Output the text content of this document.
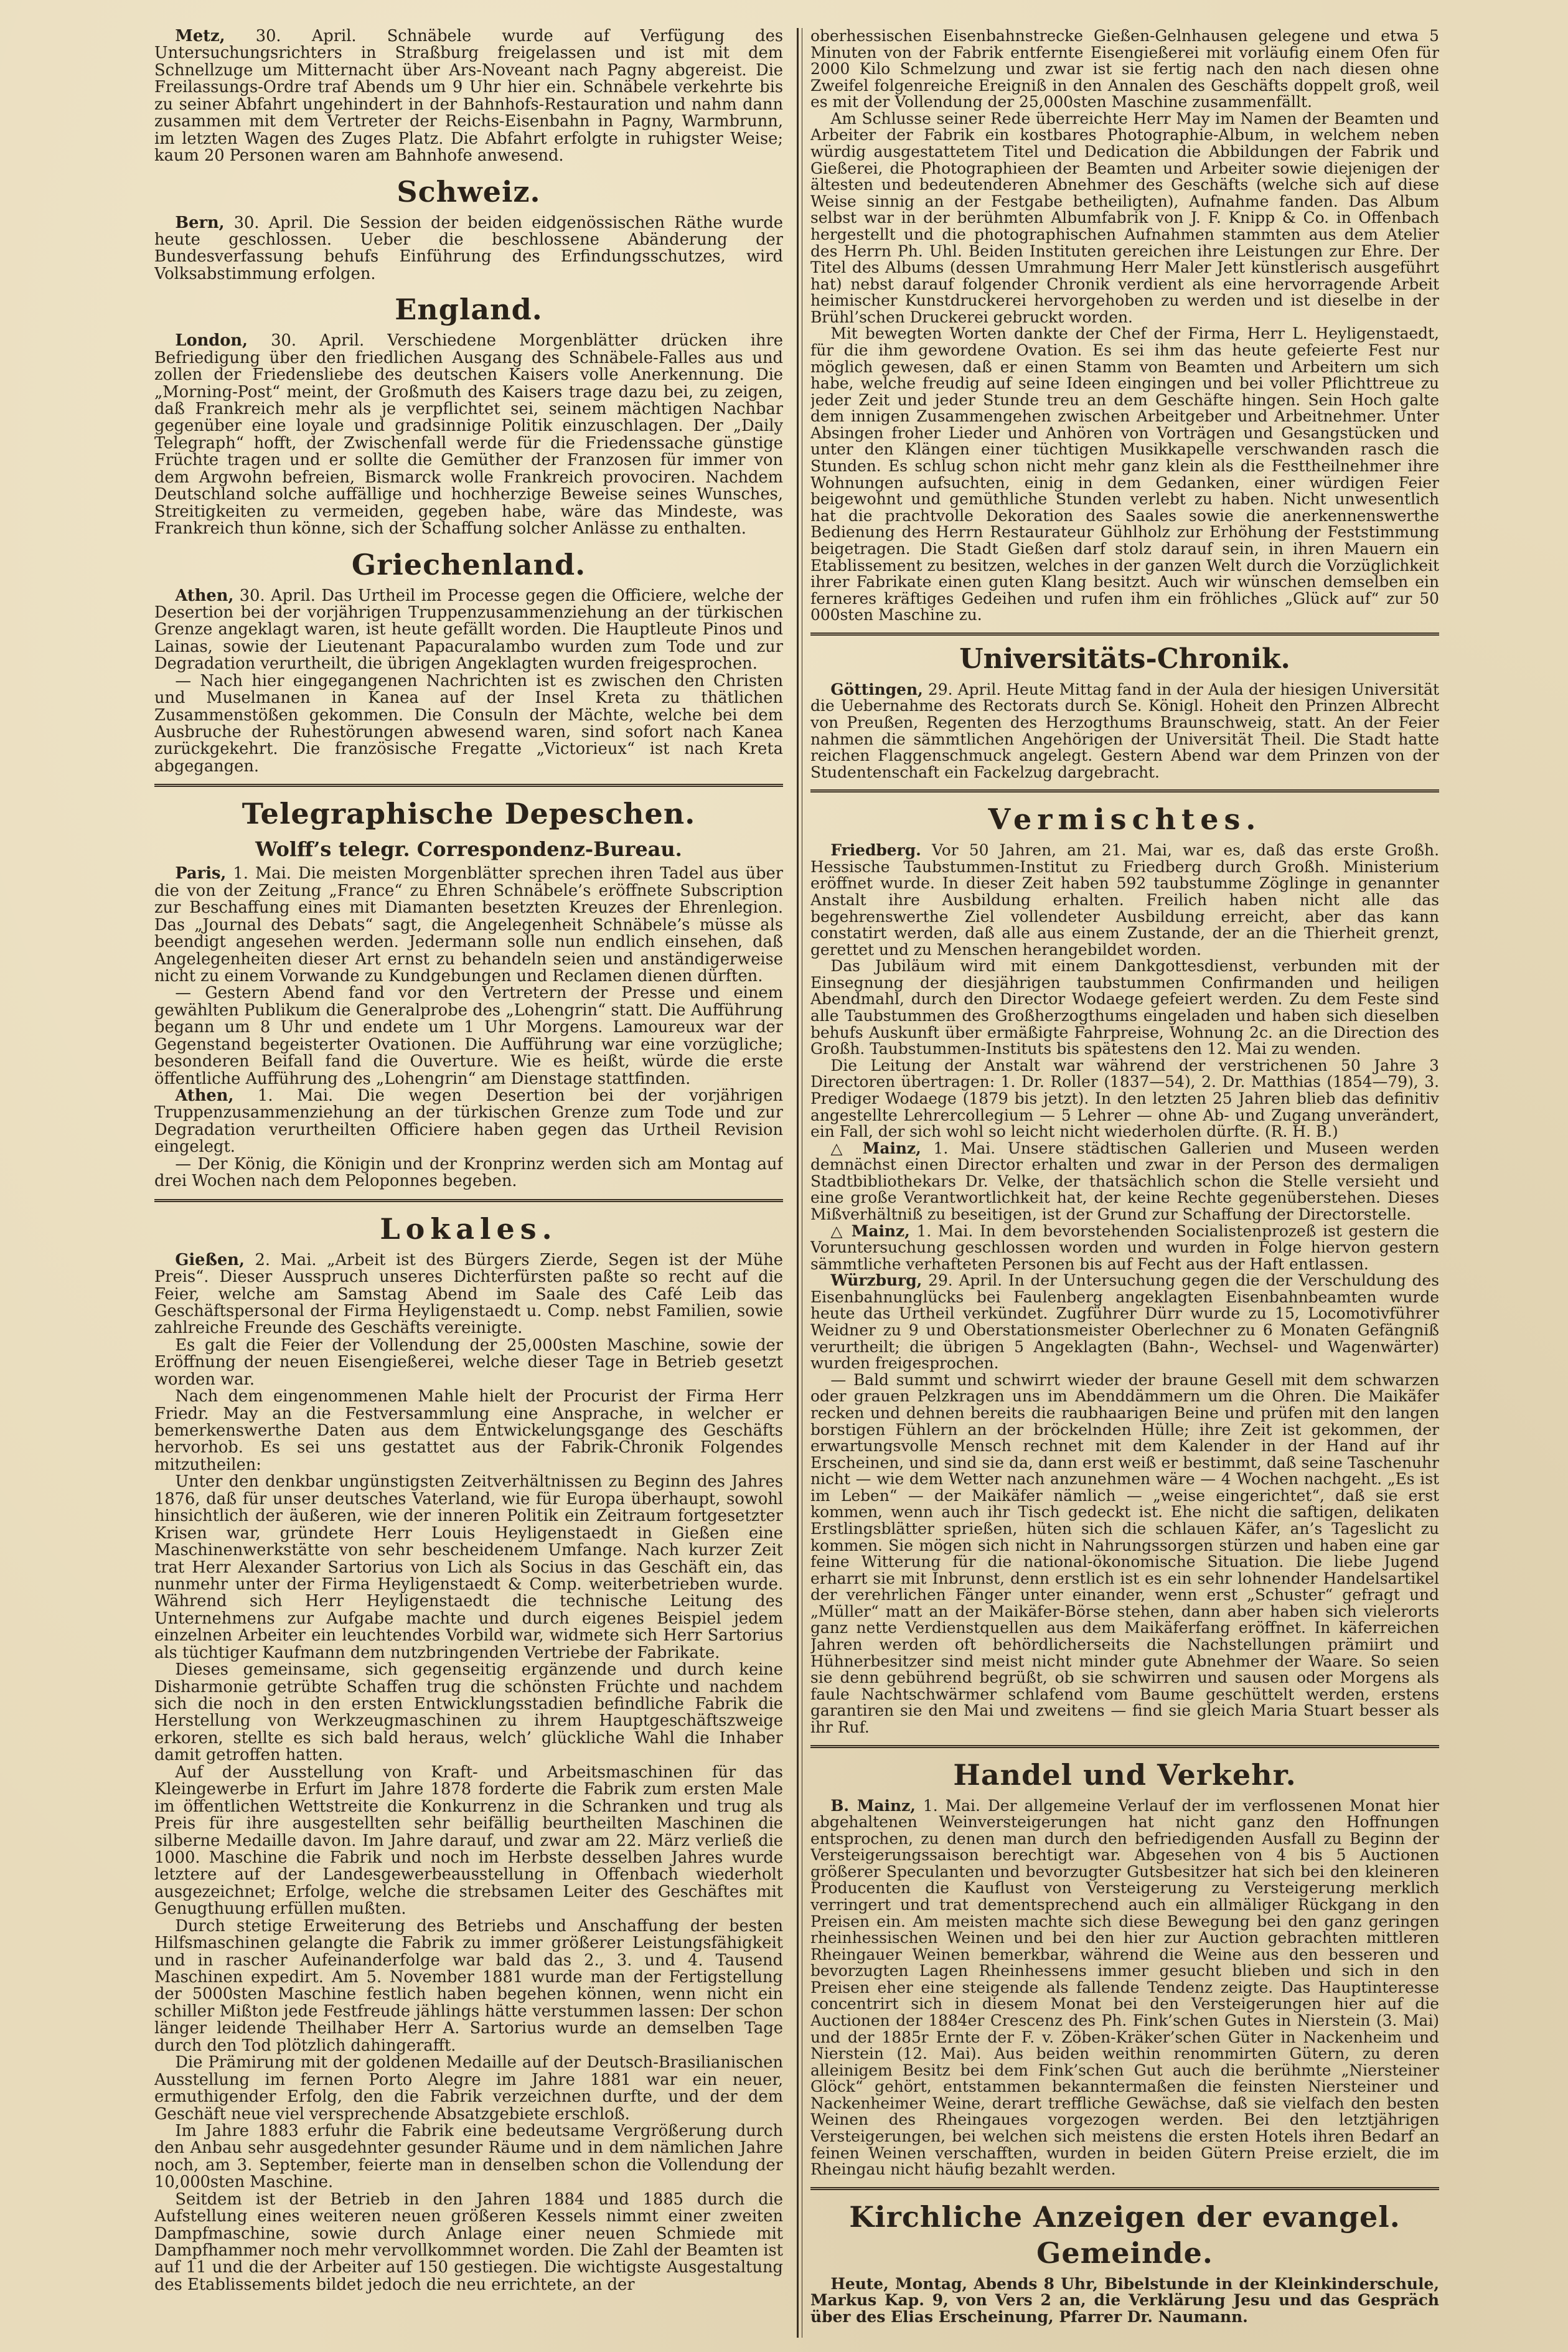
Metz, 30. April. Schnäbele wurde auf Verfügung des Untersuchungsrichters in Straßburg freigelassen und ist mit dem Schnellzuge um Mitternacht über Ars-Noveant nach Pagny abgereist. Die Freilassungs-Ordre traf Abends um 9 Uhr hier ein. Schnäbele verkehrte bis zu seiner Abfahrt ungehindert in der Bahnhofs-Restauration und nahm dann zusammen mit dem Vertreter der Reichs-Eisenbahn in Pagny, Warmbrunn, im letzten Wagen des Zuges Platz. Die Abfahrt erfolgte in ruhigster Weise; kaum 20 Personen waren am Bahnhofe anwesend.

Schweiz.

Bern, 30. April. Die Session der beiden eidgenössischen Räthe wurde heute geschlossen. Ueber die beschlossene Abänderung der Bundesverfassung behufs Einführung des Erfindungsschutzes, wird Volksabstimmung erfolgen.

England.

London, 30. April. Verschiedene Morgenblätter drücken ihre Befriedigung über den friedlichen Ausgang des Schnäbele-Falles aus und zollen der Friedensliebe des deutschen Kaisers volle Anerkennung. Die „Morning-Post“ meint, der Großmuth des Kaisers trage dazu bei, zu zeigen, daß Frankreich mehr als je verpflichtet sei, seinem mächtigen Nachbar gegenüber eine loyale und gradsinnige Politik einzuschlagen. Der „Daily Telegraph“ hofft, der Zwischenfall werde für die Friedenssache günstige Früchte tragen und er sollte die Gemüther der Franzosen für immer von dem Argwohn befreien, Bismarck wolle Frankreich provociren. Nachdem Deutschland solche auffällige und hochherzige Beweise seines Wunsches, Streitigkeiten zu vermeiden, gegeben habe, wäre das Mindeste, was Frankreich thun könne, sich der Schaffung solcher Anlässe zu enthalten.

Griechenland.

Athen, 30. April. Das Urtheil im Processe gegen die Officiere, welche der Desertion bei der vorjährigen Truppenzusammenziehung an der türkischen Grenze angeklagt waren, ist heute gefällt worden. Die Hauptleute Pinos und Lainas, sowie der Lieutenant Papacuralambo wurden zum Tode und zur Degradation verurtheilt, die übrigen Angeklagten wurden freigesprochen.

— Nach hier eingegangenen Nachrichten ist es zwischen den Christen und Muselmanen in Kanea auf der Insel Kreta zu thätlichen Zusammenstößen gekommen. Die Consuln der Mächte, welche bei dem Ausbruche der Ruhestörungen abwesend waren, sind sofort nach Kanea zurückgekehrt. Die französische Fregatte „Victorieux“ ist nach Kreta abgegangen.

Telegraphische Depeschen.
Wolff’s telegr. Correspondenz-Bureau.

Paris, 1. Mai. Die meisten Morgenblätter sprechen ihren Tadel aus über die von der Zeitung „France“ zu Ehren Schnäbele’s eröffnete Subscription zur Beschaffung eines mit Diamanten besetzten Kreuzes der Ehrenlegion. Das „Journal des Debats“ sagt, die Angelegenheit Schnäbele’s müsse als beendigt angesehen werden. Jedermann solle nun endlich einsehen, daß Angelegenheiten dieser Art ernst zu behandeln seien und anständigerweise nicht zu einem Vorwande zu Kundgebungen und Reclamen dienen dürften.

— Gestern Abend fand vor den Vertretern der Presse und einem gewählten Publikum die Generalprobe des „Lohengrin“ statt. Die Aufführung begann um 8 Uhr und endete um 1 Uhr Morgens. Lamoureux war der Gegenstand begeisterter Ovationen. Die Aufführung war eine vorzügliche; besonderen Beifall fand die Ouverture. Wie es heißt, würde die erste öffentliche Aufführung des „Lohengrin“ am Dienstage stattfinden.

Athen, 1. Mai. Die wegen Desertion bei der vorjährigen Truppenzusammenziehung an der türkischen Grenze zum Tode und zur Degradation verurtheilten Officiere haben gegen das Urtheil Revision eingelegt.

— Der König, die Königin und der Kronprinz werden sich am Montag auf drei Wochen nach dem Peloponnes begeben.

Lokales.

Gießen, 2. Mai. „Arbeit ist des Bürgers Zierde, Segen ist der Mühe Preis“. Dieser Ausspruch unseres Dichterfürsten paßte so recht auf die Feier, welche am Samstag Abend im Saale des Café Leib das Geschäftspersonal der Firma Heyligenstaedt u. Comp. nebst Familien, sowie zahlreiche Freunde des Geschäfts vereinigte.

Es galt die Feier der Vollendung der 25,000sten Maschine, sowie der Eröffnung der neuen Eisengießerei, welche dieser Tage in Betrieb gesetzt worden war.

Nach dem eingenommenen Mahle hielt der Procurist der Firma Herr Friedr. May an die Festversammlung eine Ansprache, in welcher er bemerkenswerthe Daten aus dem Entwickelungsgange des Geschäfts hervorhob. Es sei uns gestattet aus der Fabrik-Chronik Folgendes mitzutheilen:

Unter den denkbar ungünstigsten Zeitverhältnissen zu Beginn des Jahres 1876, daß für unser deutsches Vaterland, wie für Europa überhaupt, sowohl hinsichtlich der äußeren, wie der inneren Politik ein Zeitraum fortgesetzter Krisen war, gründete Herr Louis Heyligenstaedt in Gießen eine Maschinenwerkstätte von sehr bescheidenem Umfange. Nach kurzer Zeit trat Herr Alexander Sartorius von Lich als Socius in das Geschäft ein, das nunmehr unter der Firma Heyligenstaedt & Comp. weiterbetrieben wurde. Während sich Herr Heyligenstaedt die technische Leitung des Unternehmens zur Aufgabe machte und durch eigenes Beispiel jedem einzelnen Arbeiter ein leuchtendes Vorbild war, widmete sich Herr Sartorius als tüchtiger Kaufmann dem nutzbringenden Vertriebe der Fabrikate.

Dieses gemeinsame, sich gegenseitig ergänzende und durch keine Disharmonie getrübte Schaffen trug die schönsten Früchte und nachdem sich die noch in den ersten Entwicklungsstadien befindliche Fabrik die Herstellung von Werkzeugmaschinen zu ihrem Hauptgeschäftszweige erkoren, stellte es sich bald heraus, welch’ glückliche Wahl die Inhaber damit getroffen hatten.

Auf der Ausstellung von Kraft- und Arbeitsmaschinen für das Kleingewerbe in Erfurt im Jahre 1878 forderte die Fabrik zum ersten Male im öffentlichen Wettstreite die Konkurrenz in die Schranken und trug als Preis für ihre ausgestellten sehr beifällig beurtheilten Maschinen die silberne Medaille davon. Im Jahre darauf, und zwar am 22. März verließ die 1000. Maschine die Fabrik und noch im Herbste desselben Jahres wurde letztere auf der Landesgewerbeausstellung in Offenbach wiederholt ausgezeichnet; Erfolge, welche die strebsamen Leiter des Geschäftes mit Genugthuung erfüllen mußten.

Durch stetige Erweiterung des Betriebs und Anschaffung der besten Hilfsmaschinen gelangte die Fabrik zu immer größerer Leistungsfähigkeit und in rascher Aufeinanderfolge war bald das 2., 3. und 4. Tausend Maschinen expedirt. Am 5. November 1881 wurde man der Fertigstellung der 5000sten Maschine festlich haben begehen können, wenn nicht ein schiller Mißton jede Festfreude jählings hätte verstummen lassen: Der schon länger leidende Theilhaber Herr A. Sartorius wurde an demselben Tage durch den Tod plötzlich dahingerafft.

Die Prämirung mit der goldenen Medaille auf der Deutsch-Brasilianischen Ausstellung im fernen Porto Alegre im Jahre 1881 war ein neuer, ermuthigender Erfolg, den die Fabrik verzeichnen durfte, und der dem Geschäft neue viel versprechende Absatzgebiete erschloß.

Im Jahre 1883 erfuhr die Fabrik eine bedeutsame Vergrößerung durch den Anbau sehr ausgedehnter gesunder Räume und in dem nämlichen Jahre noch, am 3. September, feierte man in denselben schon die Vollendung der 10,000sten Maschine.

Seitdem ist der Betrieb in den Jahren 1884 und 1885 durch die Aufstellung eines weiteren neuen größeren Kessels nimmt einer zweiten Dampfmaschine, sowie durch Anlage einer neuen Schmiede mit Dampfhammer noch mehr vervollkommnet worden. Die Zahl der Beamten ist auf 11 und die der Arbeiter auf 150 gestiegen. Die wichtigste Ausgestaltung des Etablissements bildet jedoch die neu errichtete, an der

oberhessischen Eisenbahnstrecke Gießen-Gelnhausen gelegene und etwa 5 Minuten von der Fabrik entfernte Eisengießerei mit vorläufig einem Ofen für 2000 Kilo Schmelzung und zwar ist sie fertig nach den nach diesen ohne Zweifel folgenreiche Ereigniß in den Annalen des Geschäfts doppelt groß, weil es mit der Vollendung der 25,000sten Maschine zusammenfällt.

Am Schlusse seiner Rede überreichte Herr May im Namen der Beamten und Arbeiter der Fabrik ein kostbares Photographie-Album, in welchem neben würdig ausgestattetem Titel und Dedication die Abbildungen der Fabrik und Gießerei, die Photographieen der Beamten und Arbeiter sowie diejenigen der ältesten und bedeutenderen Abnehmer des Geschäfts (welche sich auf diese Weise sinnig an der Festgabe betheiligten), Aufnahme fanden. Das Album selbst war in der berühmten Albumfabrik von J. F. Knipp & Co. in Offenbach hergestellt und die photographischen Aufnahmen stammten aus dem Atelier des Herrn Ph. Uhl. Beiden Instituten gereichen ihre Leistungen zur Ehre. Der Titel des Albums (dessen Umrahmung Herr Maler Jett künstlerisch ausgeführt hat) nebst darauf folgender Chronik verdient als eine hervorragende Arbeit heimischer Kunstdruckerei hervorgehoben zu werden und ist dieselbe in der Brühl’schen Druckerei gebruckt worden.

Mit bewegten Worten dankte der Chef der Firma, Herr L. Heyligenstaedt, für die ihm gewordene Ovation. Es sei ihm das heute gefeierte Fest nur möglich gewesen, daß er einen Stamm von Beamten und Arbeitern um sich habe, welche freudig auf seine Ideen eingingen und bei voller Pflichttreue zu jeder Zeit und jeder Stunde treu an dem Geschäfte hingen. Sein Hoch galte dem innigen Zusammengehen zwischen Arbeitgeber und Arbeitnehmer. Unter Absingen froher Lieder und Anhören von Vorträgen und Gesangstücken und unter den Klängen einer tüchtigen Musikkapelle verschwanden rasch die Stunden. Es schlug schon nicht mehr ganz klein als die Festtheilnehmer ihre Wohnungen aufsuchten, einig in dem Gedanken, einer würdigen Feier beigewohnt und gemüthliche Stunden verlebt zu haben. Nicht unwesentlich hat die prachtvolle Dekoration des Saales sowie die anerkennenswerthe Bedienung des Herrn Restaurateur Gühlholz zur Erhöhung der Feststimmung beigetragen. Die Stadt Gießen darf stolz darauf sein, in ihren Mauern ein Etablissement zu besitzen, welches in der ganzen Welt durch die Vorzüglichkeit ihrer Fabrikate einen guten Klang besitzt. Auch wir wünschen demselben ein ferneres kräftiges Gedeihen und rufen ihm ein fröhliches „Glück auf“ zur 50 000sten Maschine zu.

Universitäts-Chronik.

Göttingen, 29. April. Heute Mittag fand in der Aula der hiesigen Universität die Uebernahme des Rectorats durch Se. Königl. Hoheit den Prinzen Albrecht von Preußen, Regenten des Herzogthums Braunschweig, statt. An der Feier nahmen die sämmtlichen Angehörigen der Universität Theil. Die Stadt hatte reichen Flaggenschmuck angelegt. Gestern Abend war dem Prinzen von der Studentenschaft ein Fackelzug dargebracht.

Vermischtes.

Friedberg. Vor 50 Jahren, am 21. Mai, war es, daß das erste Großh. Hessische Taubstummen-Institut zu Friedberg durch Großh. Ministerium eröffnet wurde. In dieser Zeit haben 592 taubstumme Zöglinge in genannter Anstalt ihre Ausbildung erhalten. Freilich haben nicht alle das begehrenswerthe Ziel vollendeter Ausbildung erreicht, aber das kann constatirt werden, daß alle aus einem Zustande, der an die Thierheit grenzt, gerettet und zu Menschen herangebildet worden.

Das Jubiläum wird mit einem Dankgottesdienst, verbunden mit der Einsegnung der diesjährigen taubstummen Confirmanden und heiligen Abendmahl, durch den Director Wodaege gefeiert werden. Zu dem Feste sind alle Taubstummen des Großherzogthums eingeladen und haben sich dieselben behufs Auskunft über ermäßigte Fahrpreise, Wohnung 2c. an die Direction des Großh. Taubstummen-Instituts bis spätestens den 12. Mai zu wenden.

Die Leitung der Anstalt war während der verstrichenen 50 Jahre 3 Directoren übertragen: 1. Dr. Roller (1837—54), 2. Dr. Matthias (1854—79), 3. Prediger Wodaege (1879 bis jetzt). In den letzten 25 Jahren blieb das definitiv angestellte Lehrercollegium — 5 Lehrer — ohne Ab- und Zugang unverändert, ein Fall, der sich wohl so leicht nicht wiederholen dürfte. (R. H. B.)

△ Mainz, 1. Mai. Unsere städtischen Gallerien und Museen werden demnächst einen Director erhalten und zwar in der Person des dermaligen Stadtbibliothekars Dr. Velke, der thatsächlich schon die Stelle versieht und eine große Verantwortlichkeit hat, der keine Rechte gegenüberstehen. Dieses Mißverhältniß zu beseitigen, ist der Grund zur Schaffung der Directorstelle.

△ Mainz, 1. Mai. In dem bevorstehenden Socialistenprozeß ist gestern die Voruntersuchung geschlossen worden und wurden in Folge hiervon gestern sämmtliche verhafteten Personen bis auf Fecht aus der Haft entlassen.

Würzburg, 29. April. In der Untersuchung gegen die der Verschuldung des Eisenbahnunglücks bei Faulenberg angeklagten Eisenbahnbeamten wurde heute das Urtheil verkündet. Zugführer Dürr wurde zu 15, Locomotivführer Weidner zu 9 und Oberstationsmeister Oberlechner zu 6 Monaten Gefängniß verurtheilt; die übrigen 5 Angeklagten (Bahn-, Wechsel- und Wagenwärter) wurden freigesprochen.

— Bald summt und schwirrt wieder der braune Gesell mit dem schwarzen oder grauen Pelzkragen uns im Abenddämmern um die Ohren. Die Maikäfer recken und dehnen bereits die raubhaarigen Beine und prüfen mit den langen borstigen Fühlern an der bröckelnden Hülle; ihre Zeit ist gekommen, der erwartungsvolle Mensch rechnet mit dem Kalender in der Hand auf ihr Erscheinen, und sind sie da, dann erst weiß er bestimmt, daß seine Taschenuhr nicht — wie dem Wetter nach anzunehmen wäre — 4 Wochen nachgeht. „Es ist im Leben“ — der Maikäfer nämlich — „weise eingerichtet“, daß sie erst kommen, wenn auch ihr Tisch gedeckt ist. Ehe nicht die saftigen, delikaten Erstlingsblätter sprießen, hüten sich die schlauen Käfer, an’s Tageslicht zu kommen. Sie mögen sich nicht in Nahrungssorgen stürzen und haben eine gar feine Witterung für die national-ökonomische Situation. Die liebe Jugend erharrt sie mit Inbrunst, denn erstlich ist es ein sehr lohnender Handelsartikel der verehrlichen Fänger unter einander, wenn erst „Schuster“ gefragt und „Müller“ matt an der Maikäfer-Börse stehen, dann aber haben sich vielerorts ganz nette Verdienstquellen aus dem Maikäferfang eröffnet. In käferreichen Jahren werden oft behördlicherseits die Nachstellungen prämiirt und Hühnerbesitzer sind meist nicht minder gute Abnehmer der Waare. So seien sie denn gebührend begrüßt, ob sie schwirren und sausen oder Morgens als faule Nachtschwärmer schlafend vom Baume geschüttelt werden, erstens garantiren sie den Mai und zweitens — find sie gleich Maria Stuart besser als ihr Ruf.

Handel und Verkehr.

B. Mainz, 1. Mai. Der allgemeine Verlauf der im verflossenen Monat hier abgehaltenen Weinversteigerungen hat nicht ganz den Hoffnungen entsprochen, zu denen man durch den befriedigenden Ausfall zu Beginn der Versteigerungssaison berechtigt war. Abgesehen von 4 bis 5 Auctionen größerer Speculanten und bevorzugter Gutsbesitzer hat sich bei den kleineren Producenten die Kauflust von Versteigerung zu Versteigerung merklich verringert und trat dementsprechend auch ein allmäliger Rückgang in den Preisen ein. Am meisten machte sich diese Bewegung bei den ganz geringen rheinhessischen Weinen und bei den hier zur Auction gebrachten mittleren Rheingauer Weinen bemerkbar, während die Weine aus den besseren und bevorzugten Lagen Rheinhessens immer gesucht blieben und sich in den Preisen eher eine steigende als fallende Tendenz zeigte. Das Hauptinteresse concentrirt sich in diesem Monat bei den Versteigerungen hier auf die Auctionen der 1884er Crescenz des Ph. Fink’schen Gutes in Nierstein (3. Mai) und der 1885r Ernte der F. v. Zöben-Kräker’schen Güter in Nackenheim und Nierstein (12. Mai). Aus beiden weithin renommirten Gütern, zu deren alleinigem Besitz bei dem Fink’schen Gut auch die berühmte „Niersteiner Glöck“ gehört, entstammen bekanntermaßen die feinsten Niersteiner und Nackenheimer Weine, derart treffliche Gewächse, daß sie vielfach den besten Weinen des Rheingaues vorgezogen werden. Bei den letztjährigen Versteigerungen, bei welchen sich meistens die ersten Hotels ihren Bedarf an feinen Weinen verschafften, wurden in beiden Gütern Preise erzielt, die im Rheingau nicht häufig bezahlt werden.

Kirchliche Anzeigen der evangel. Gemeinde.

Heute, Montag, Abends 8 Uhr, Bibelstunde in der Kleinkinderschule, Markus Kap. 9, von Vers 2 an, die Verklärung Jesu und das Gespräch über des Elias Erscheinung, Pfarrer Dr. Naumann.
